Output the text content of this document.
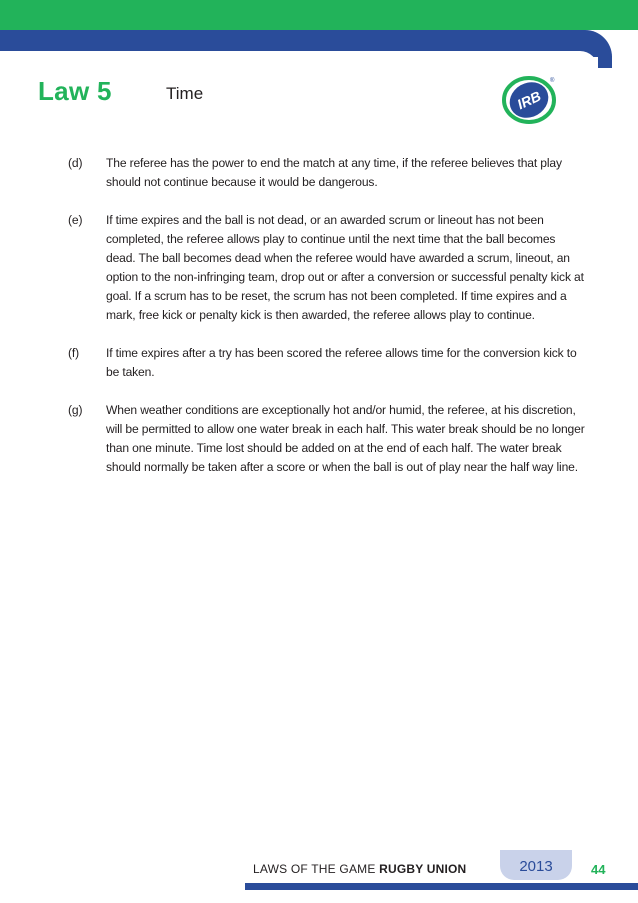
Law 5	Time	IRB
®
(d)	The referee has the power to end the match at any time, if the referee believes that play should not continue because it would be dangerous.
(e)	If time expires and the ball is not dead, or an awarded scrum or lineout has not been completed, the referee allows play to continue until the next time that the ball becomes dead. The ball becomes dead when the referee would have awarded a scrum, lineout, an option to the non-infringing team, drop out or after a conversion or successful penalty kick at goal. If a scrum has to be reset, the scrum has not been completed. If time expires and a mark, free kick or penalty kick is then awarded, the referee allows play to continue.
(f)	If time expires after a try has been scored the referee allows time for the conversion kick to be taken.
(g)	When weather conditions are exceptionally hot and/or humid, the referee, at his discretion, will be permitted to allow one water break in each half. This water break should be no longer than one minute. Time lost should be added on at the end of each half. The water break should normally be taken after a score or when the ball is out of play near the half way line.
LAWS OF THE GAME RUGBY UNION	2013	44
